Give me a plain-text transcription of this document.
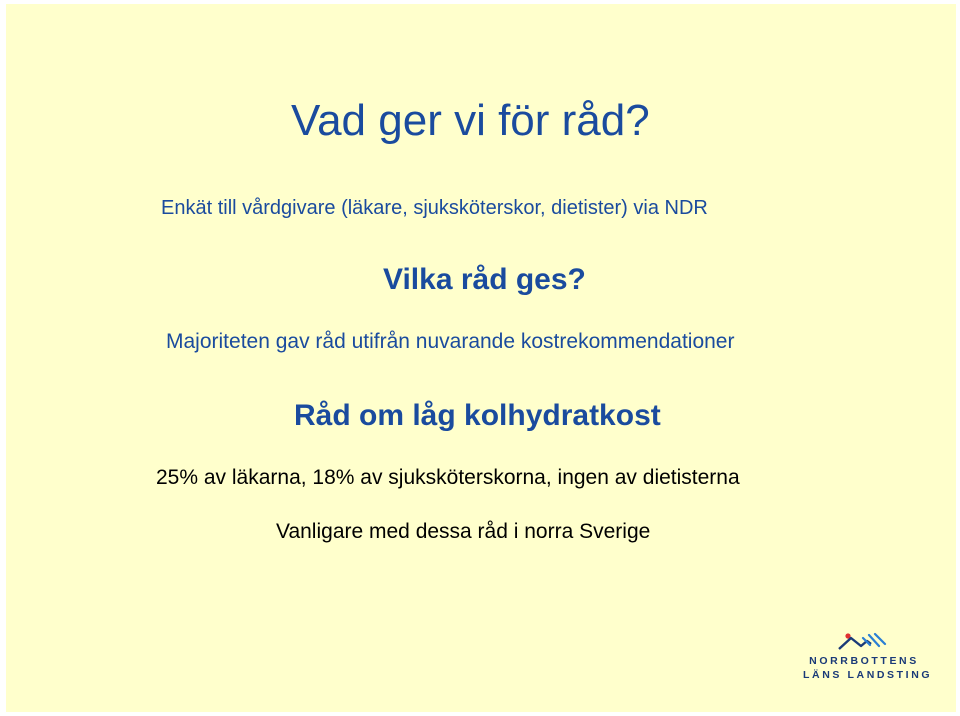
Vad ger vi för råd?
Enkät till vårdgivare (läkare, sjuksköterskor, dietister) via NDR
Vilka råd ges?
Majoriteten gav råd utifrån nuvarande kostrekommendationer
Råd om låg kolhydratkost
25% av läkarna, 18% av sjuksköterskorna, ingen av dietisterna
Vanligare med dessa råd i norra Sverige
NORRBOTTENS
LÄNS LANDSTING
